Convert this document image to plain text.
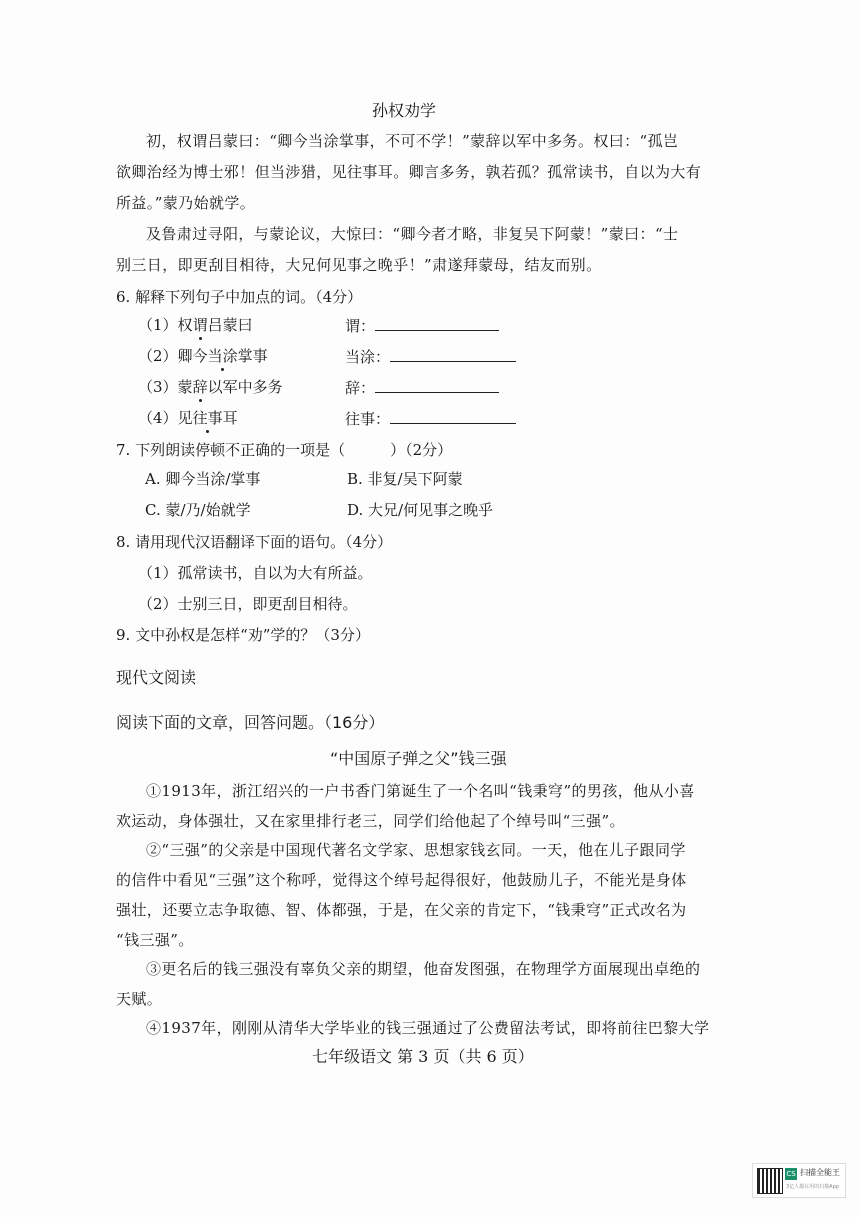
孙权劝学
初，权谓吕蒙曰：“卿今当涂掌事，不可不学！”蒙辞以军中多务。权曰：“孤岂
欲卿治经为博士邪！但当涉猎，见往事耳。卿言多务，孰若孤？孤常读书，自以为大有
所益。”蒙乃始就学。
及鲁肃过寻阳，与蒙论议，大惊曰：“卿今者才略，非复吴下阿蒙！”蒙曰：“士
别三日，即更刮目相待，大兄何见事之晚乎！”肃遂拜蒙母，结友而别。
6. 解释下列句子中加点的词。（4分）
（1）权谓吕蒙曰	谓：
（2）卿今当涂掌事	当涂：
（3）蒙辞以军中多务	辞：
（4）见往事耳	往事：
7. 下列朗读停顿不正确的一项是（　　　）（2分）
A. 卿今当涂/掌事	B. 非复/吴下阿蒙
C. 蒙/乃/始就学	D. 大兄/何见事之晚乎
8. 请用现代汉语翻译下面的语句。（4分）
（1）孤常读书，自以为大有所益。
（2）士别三日，即更刮目相待。
9. 文中孙权是怎样“劝”学的？（3分）
现代文阅读
阅读下面的文章，回答问题。（16分）
“中国原子弹之父”钱三强
①1913年，浙江绍兴的一户书香门第诞生了一个名叫“钱秉穹”的男孩，他从小喜
欢运动，身体强壮，又在家里排行老三，同学们给他起了个绰号叫“三强”。
②“三强”的父亲是中国现代著名文学家、思想家钱玄同。一天，他在儿子跟同学
的信件中看见“三强”这个称呼，觉得这个绰号起得很好，他鼓励儿子，不能光是身体
强壮，还要立志争取德、智、体都强，于是，在父亲的肯定下，“钱秉穹”正式改名为
“钱三强”。
③更名后的钱三强没有辜负父亲的期望，他奋发图强，在物理学方面展现出卓绝的
天赋。
④1937年，刚刚从清华大学毕业的钱三强通过了公费留法考试，即将前往巴黎大学
七年级语文 第 3 页（共 6 页）
CS 扫描全能王
3亿人都在用的扫描App
